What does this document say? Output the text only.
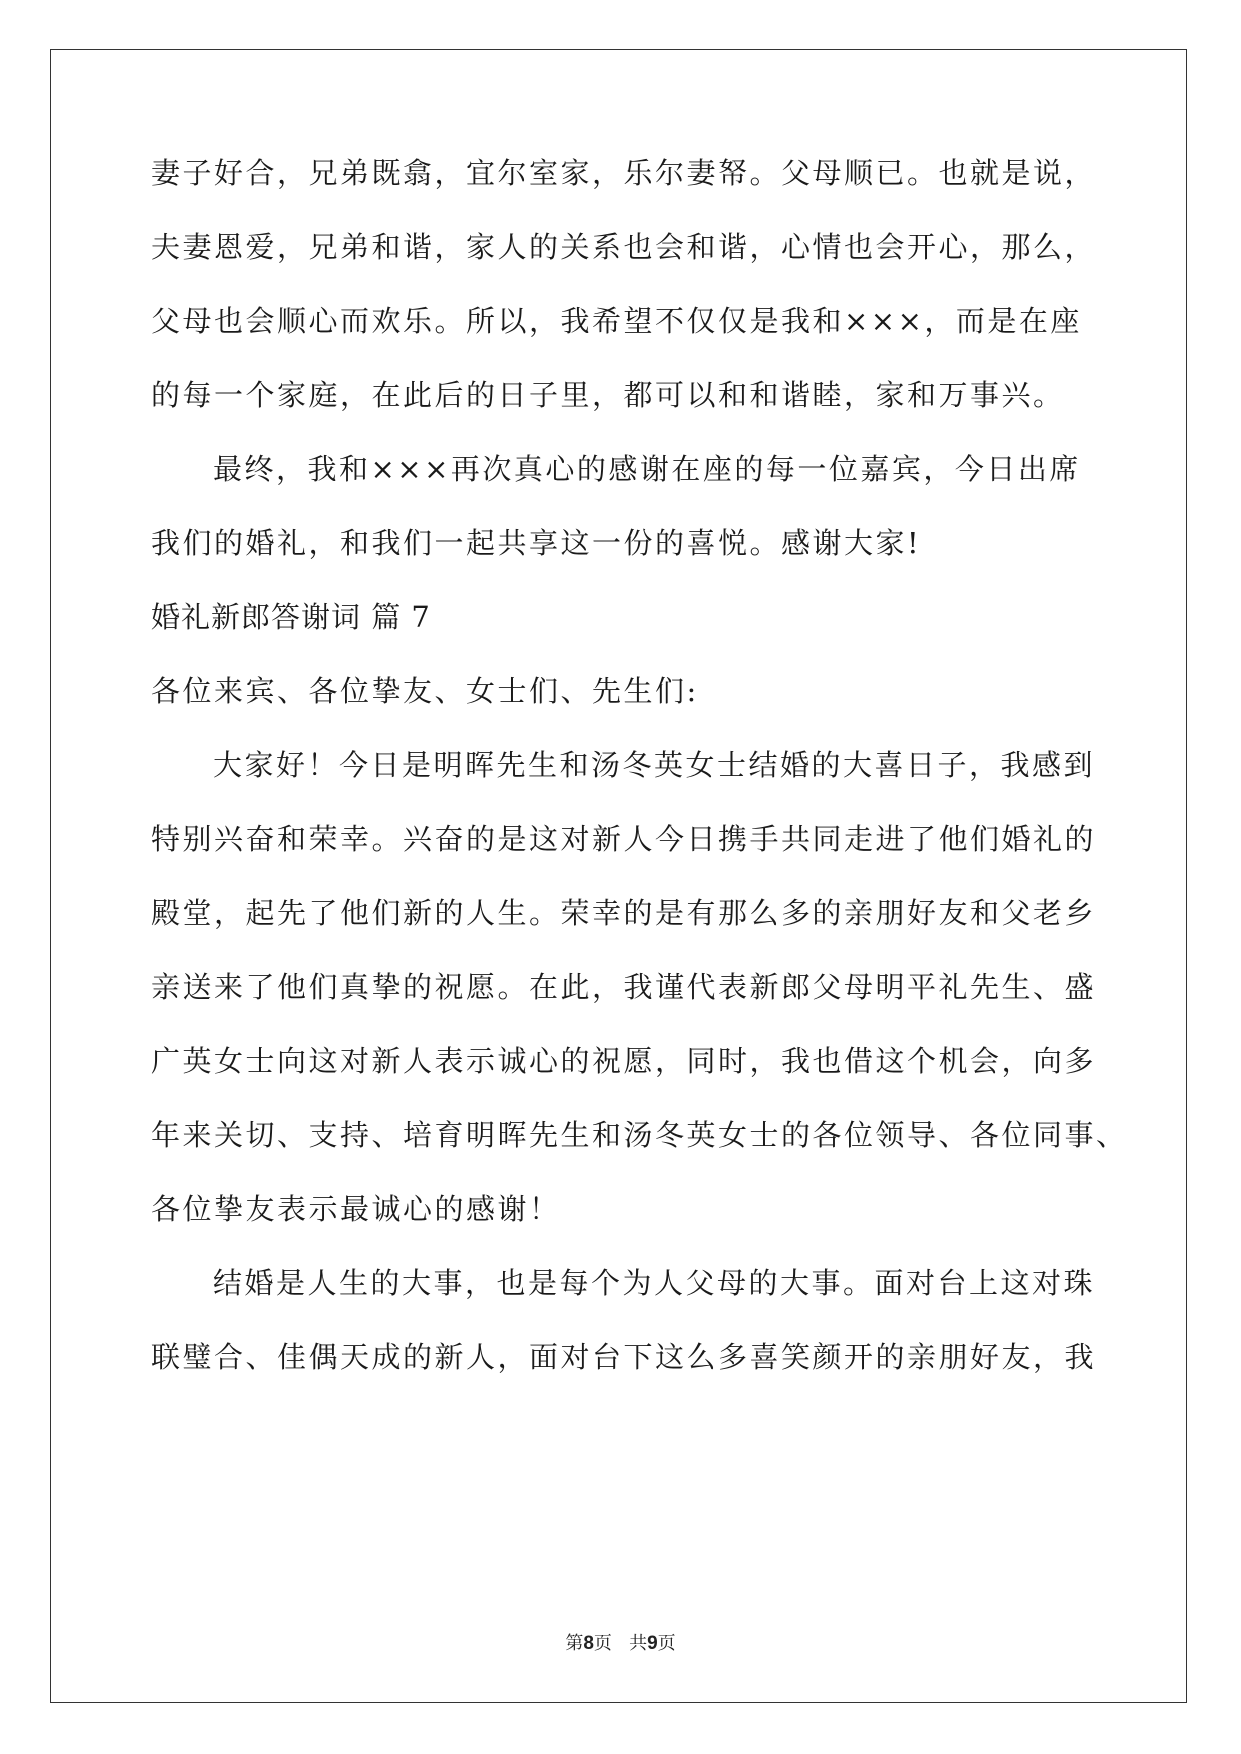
妻子好合，兄弟既翕，宜尔室家，乐尔妻帑。父母顺已。也就是说，
夫妻恩爱，兄弟和谐，家人的关系也会和谐，心情也会开心，那么，
父母也会顺心而欢乐。所以，我希望不仅仅是我和×××，而是在座
的每一个家庭，在此后的日子里，都可以和和谐睦，家和万事兴。
最终，我和×××再次真心的感谢在座的每一位嘉宾，今日出席
我们的婚礼，和我们一起共享这一份的喜悦。感谢大家!
婚礼新郎答谢词 篇 7
各位来宾、各位挚友、女士们、先生们:
大家好！今日是明晖先生和汤冬英女士结婚的大喜日子，我感到
特别兴奋和荣幸。兴奋的是这对新人今日携手共同走进了他们婚礼的
殿堂，起先了他们新的人生。荣幸的是有那么多的亲朋好友和父老乡
亲送来了他们真挚的祝愿。在此，我谨代表新郎父母明平礼先生、盛
广英女士向这对新人表示诚心的祝愿，同时，我也借这个机会，向多
年来关切、支持、培育明晖先生和汤冬英女士的各位领导、各位同事、
各位挚友表示最诚心的感谢！
结婚是人生的大事，也是每个为人父母的大事。面对台上这对珠
联璧合、佳偶天成的新人，面对台下这么多喜笑颜开的亲朋好友，我
第8页   共9页
